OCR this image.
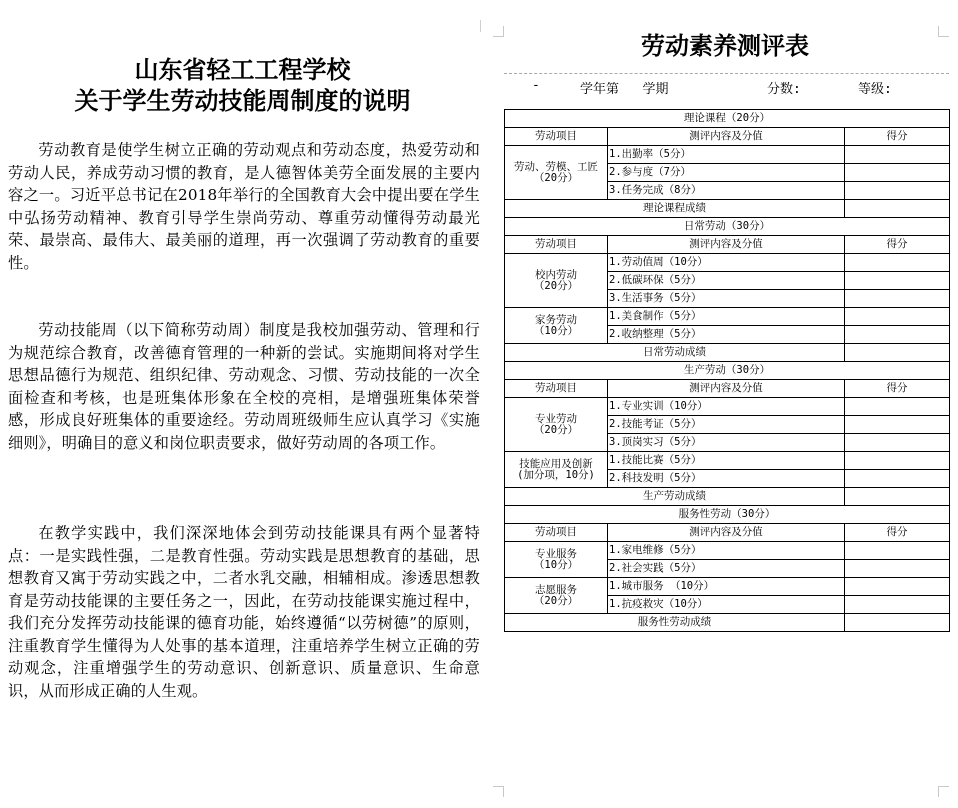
山东省轻工工程学校
关于学生劳动技能周制度的说明

劳动教育是使学生树立正确的劳动观点和劳动态度，热爱劳动和劳动人民，养成劳动习惯的教育，是人德智体美劳全面发展的主要内容之一。习近平总书记在2018年举行的全国教育大会中提出要在学生中弘扬劳动精神、教育引导学生崇尚劳动、尊重劳动懂得劳动最光荣、最崇高、最伟大、最美丽的道理，再一次强调了劳动教育的重要性。

劳动技能周（以下简称劳动周）制度是我校加强劳动、管理和行为规范综合教育，改善德育管理的一种新的尝试。实施期间将对学生思想品德行为规范、组织纪律、劳动观念、习惯、劳动技能的一次全面检查和考核，也是班集体形象在全校的亮相，是增强班集体荣誉感，形成良好班集体的重要途经。劳动周班级师生应认真学习《实施细则》，明确目的意义和岗位职责要求，做好劳动周的各项工作。

在教学实践中，我们深深地体会到劳动技能课具有两个显著特点：一是实践性强，二是教育性强。劳动实践是思想教育的基础，思想教育又寓于劳动实践之中，二者水乳交融，相辅相成。渗透思想教育是劳动技能课的主要任务之一，因此，在劳动技能课实施过程中，我们充分发挥劳动技能课的德育功能，始终遵循“以劳树德”的原则，注重教育学生懂得为人处事的基本道理，注重培养学生树立正确的劳动观念，注重增强学生的劳动意识、创新意识、质量意识、生命意识，从而形成正确的人生观。

劳动素养测评表
-	学年第   学期	分数:	等级:
理论课程（20分）		
劳动项目	测评内容及分值	得分
劳动、劳模、工匠
（20分）	1.出勤率（5分）	
	2.参与度（7分）	
	3.任务完成（8分）	
理论课程成绩		
日常劳动（30分）		
劳动项目	测评内容及分值	得分
校内劳动
（20分）	1.劳动值周（10分）	
	2.低碳环保（5分）	
	3.生活事务（5分）	
家务劳动
（10分）	1.美食制作（5分）	
	2.收纳整理（5分）	
日常劳动成绩		
生产劳动（30分）		
劳动项目	测评内容及分值	得分
专业劳动
（20分）	1.专业实训（10分）	
	2.技能考证（5分）	
	3.顶岗实习（5分）	
技能应用及创新
(加分项，10分)	1.技能比赛（5分）	
	2.科技发明（5分）	
生产劳动成绩		
服务性劳动（30分）		
劳动项目	测评内容及分值	得分
专业服务
（10分）	1.家电维修（5分）	
	2.社会实践（5分）	
志愿服务
（20分）	1.城市服务 （10分）	
	1.抗疫救灾（10分）	
服务性劳动成绩		
